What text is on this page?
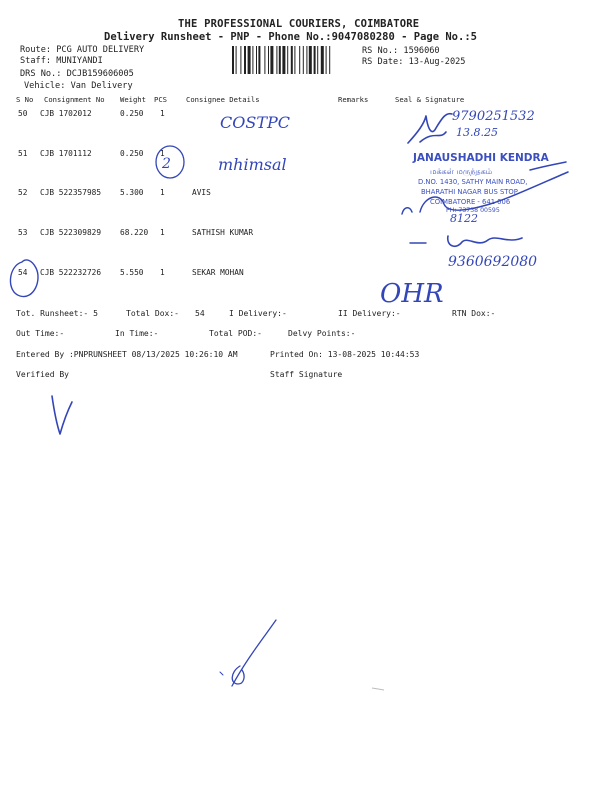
THE PROFESSIONAL COURIERS, COIMBATORE
Delivery Runsheet - PNP - Phone No.:9047080280 - Page No.:5
Route: PCG AUTO DELIVERY
Staff: MUNIYANDI
DRS No.: DCJB159606005
Vehicle: Van Delivery
RS No.: 1596060
RS Date: 13-Aug-2025
S No Consignment No Weight PCS	Consignee Details	Remarks	Seal & Signature
50 CJB 1702012	0.250 1
51 CJB 1701112	0.250 1
52 CJB 522357985 5.300 1	AVIS
53 CJB 522309829 68.220 1	SATHISH KUMAR
54 CJB 522232726 5.550 1	SEKAR MOHAN
Tot. Runsheet:- 5	Total Dox:- 54	I Delivery:-	II Delivery:-	RTN Dox:-
Out Time:-	In Time:-	Total POD:-	Delvy Points:-
Entered By :PNPRUNSHEET 08/13/2025 10:26:10 AM	Printed On: 13-08-2025 10:44:53
Verified By	Staff Signature
JANAUSHADHI KENDRA
மக்கள் மருந்தகம்
D.NO. 1430, SATHY MAIN ROAD,
BHARATHI NAGAR BUS STOP
COIMBATORE - 641 006
PH: 73738 00595
COSTPC	9790251532
13.8.25
2	mhimsal
8122
9360692080
OHR
